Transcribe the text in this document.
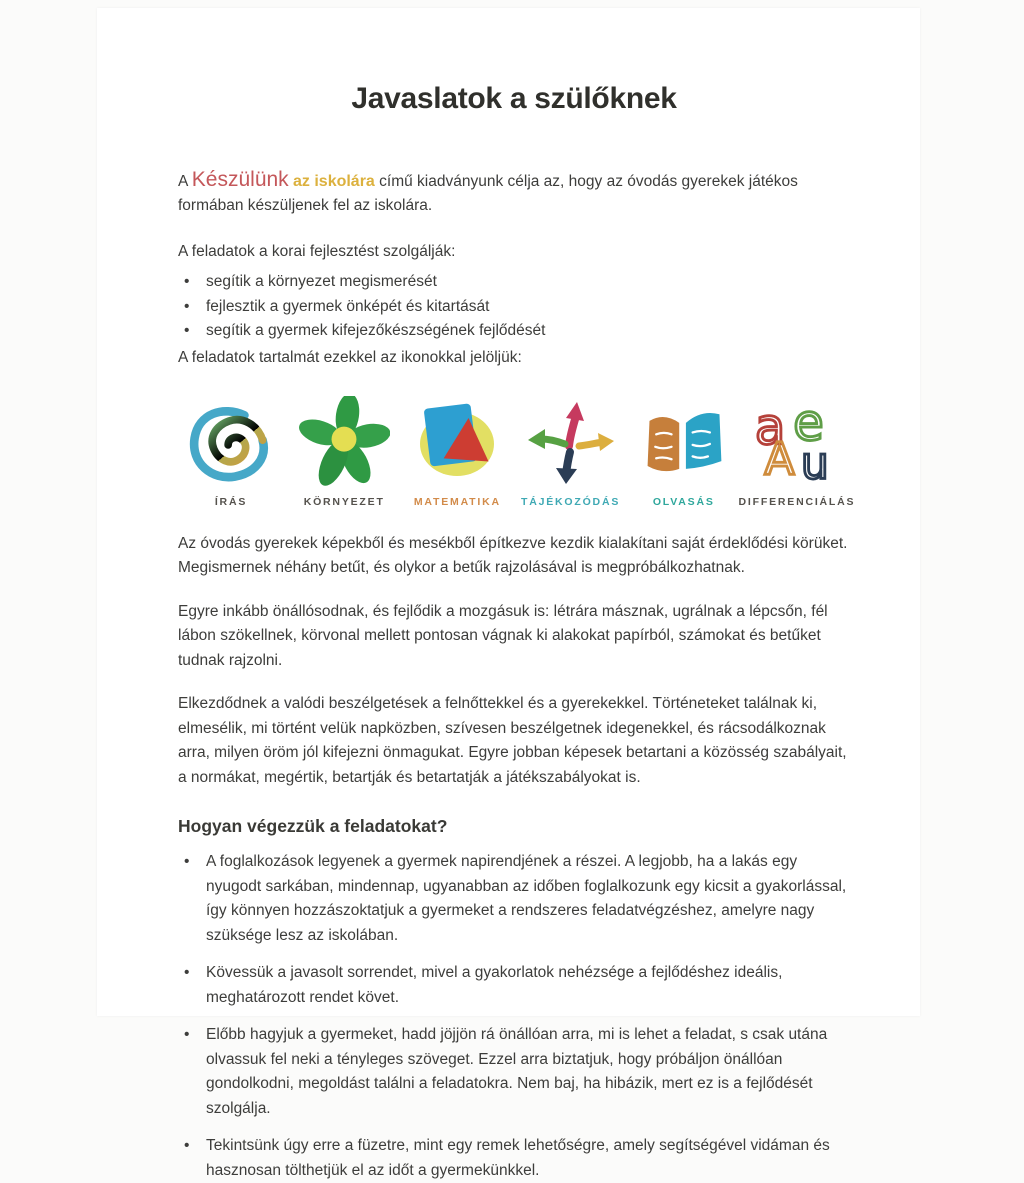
Javaslatok a szülőknek

A Készülünk az iskolára című kiadványunk célja az, hogy az óvodás gyerekek játékos formában készüljenek fel az iskolára.

A feladatok a korai fejlesztést szolgálják:
•	segítik a környezet megismerését
•	fejlesztik a gyermek önképét és kitartását
•	segítik a gyermek kifejezőkészségének fejlődését
A feladatok tartalmát ezekkel az ikonokkal jelöljük:
ÍRÁS	KÖRNYEZET	MATEMATIKA TÁJÉKOZÓDÁS	OLVASÁS
a e
A u
DIFFERENCIÁLÁS

Az óvodás gyerekek képekből és mesékből építkezve kezdik kialakítani saját érdeklődési körüket. Megismernek néhány betűt, és olykor a betűk rajzolásával is megpróbálkozhatnak.

Egyre inkább önállósodnak, és fejlődik a mozgásuk is: létrára másznak, ugrálnak a lépcsőn, fél lábon szökellnek, körvonal mellett pontosan vágnak ki alakokat papírból, számokat és betűket tudnak rajzolni.

Elkezdődnek a valódi beszélgetések a felnőttekkel és a gyerekekkel. Történeteket találnak ki, elmesélik, mi történt velük napközben, szívesen beszélgetnek idegenekkel, és rácsodálkoznak arra, milyen öröm jól kifejezni önmagukat. Egyre jobban képesek betartani a közösség szabályait, a normákat, megértik, betartják és betartatják a játékszabályokat is.

Hogyan végezzük a feladatokat?
•	A foglalkozások legyenek a gyermek napirendjének a részei. A legjobb, ha a lakás egy nyugodt sarkában, mindennap, ugyanabban az időben foglalkozunk egy kicsit a gyakorlással, így könnyen hozzászoktatjuk a gyermeket a rendszeres feladatvégzéshez, amelyre nagy szüksége lesz az iskolában.
•	Kövessük a javasolt sorrendet, mivel a gyakorlatok nehézsége a fejlődéshez ideális, meghatározott rendet követ.
•	Előbb hagyjuk a gyermeket, hadd jöjjön rá önállóan arra, mi is lehet a feladat, s csak utána olvassuk fel neki a tényleges szöveget. Ezzel arra biztatjuk, hogy próbáljon önállóan gondolkodni, megoldást találni a feladatokra. Nem baj, ha hibázik, mert ez is a fejlődését szolgálja.
•	Tekintsünk úgy erre a füzetre, mint egy remek lehetőségre, amely segítségével vidáman és hasznosan tölthetjük el az időt a gyermekünkkel.
